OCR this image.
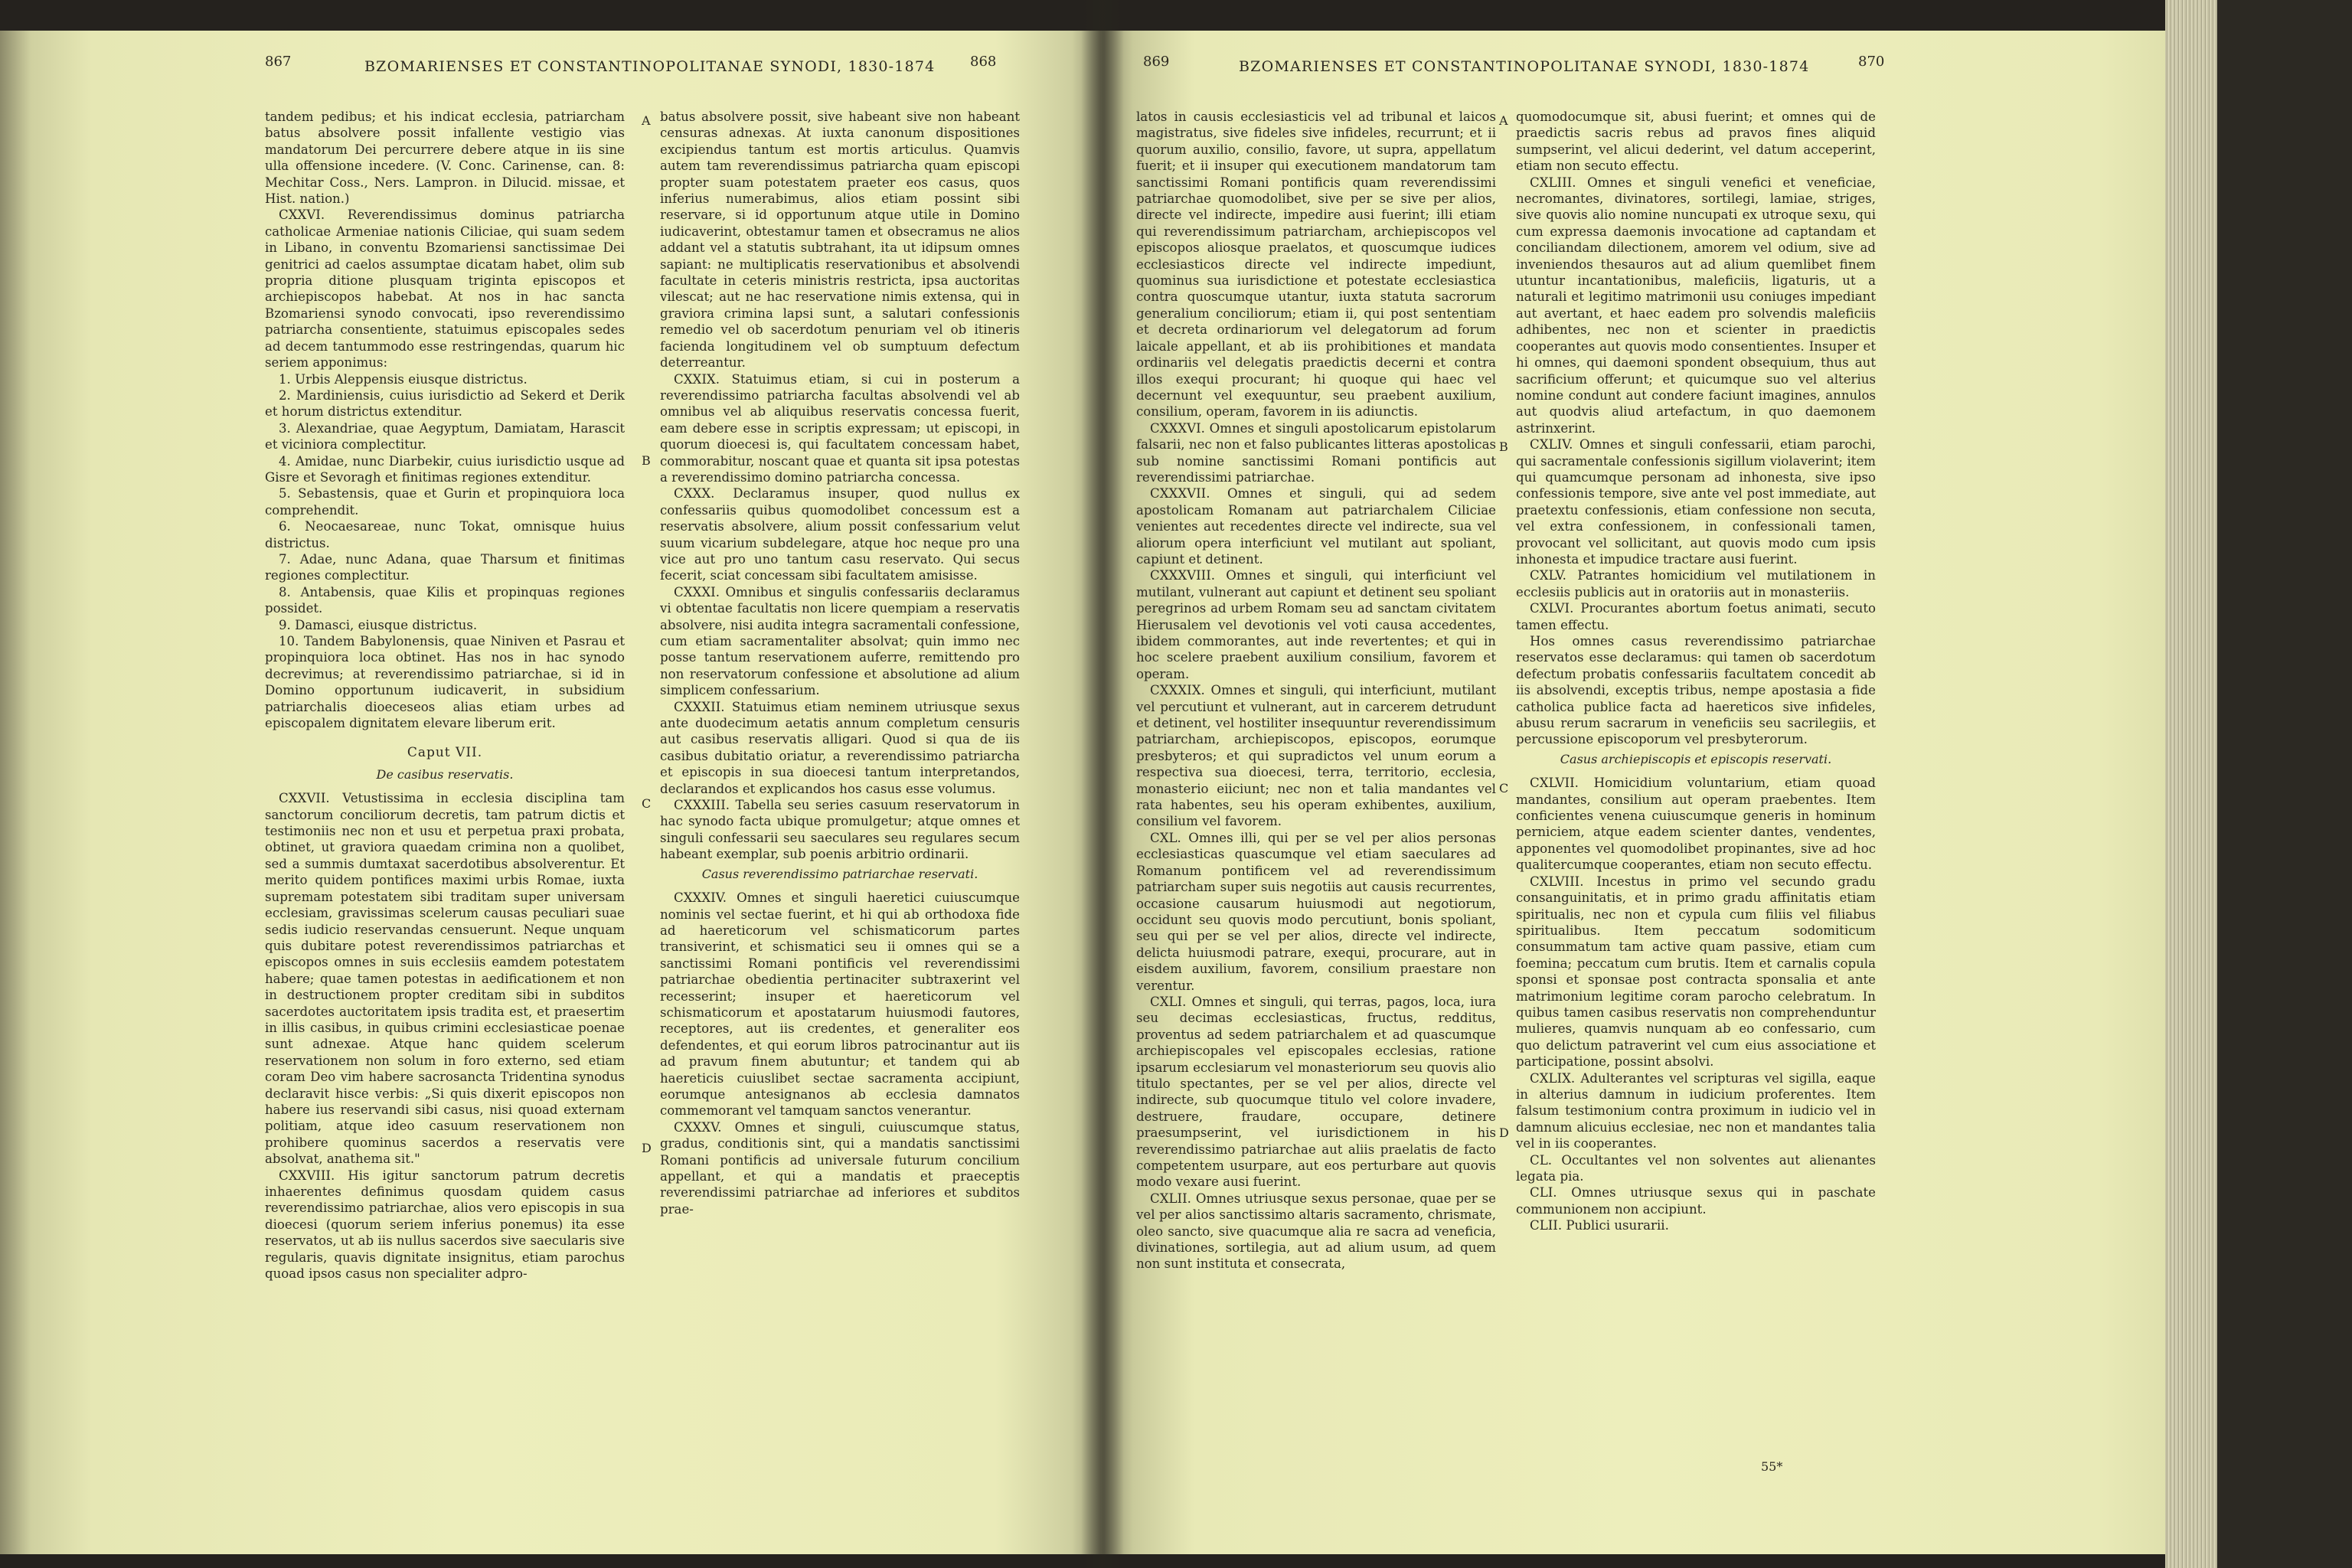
867	BZOMARIENSES ET CONSTANTINOPOLITANAE SYNODI, 1830-1874	868

tandem pedibus; et his indicat ecclesia, patriarcham batus absolvere possit infallente vestigio vias mandatorum Dei percurrere debere atque in iis sine ulla offensione incedere. (V. Conc. Carinense, can. 8: Mechitar Coss., Ners. Lampron. in Dilucid. missae, et Hist. nation.)

CXXVI. Reverendissimus dominus patriarcha catholicae Armeniae nationis Ciliciae, qui suam sedem in Libano, in conventu Bzomariensi sanctissimae Dei genitrici ad caelos assumptae dicatam habet, olim sub propria ditione plusquam triginta episcopos et archiepiscopos habebat. At nos in hac sancta Bzomariensi synodo convocati, ipso reverendissimo patriarcha consentiente, statuimus episcopales sedes ad decem tantummodo esse restringendas, quarum hic seriem apponimus:

1. Urbis Aleppensis eiusque districtus.

2. Mardiniensis, cuius iurisdictio ad Sekerd et Derik et horum districtus extenditur.

3. Alexandriae, quae Aegyptum, Damiatam, Harascit et viciniora complectitur.

4. Amidae, nunc Diarbekir, cuius iurisdictio usque ad Gisre et Sevoragh et finitimas regiones extenditur.

5. Sebastensis, quae et Gurin et propinquiora loca comprehendit.

6. Neocaesareae, nunc Tokat, omnisque huius districtus.

7. Adae, nunc Adana, quae Tharsum et finitimas regiones complectitur.

8. Antabensis, quae Kilis et propinquas regiones possidet.

9. Damasci, eiusque districtus.

10. Tandem Babylonensis, quae Niniven et Pasrau et propinquiora loca obtinet. Has nos in hac synodo decrevimus; at reverendissimo patriarchae, si id in Domino opportunum iudicaverit, in subsidium patriarchalis dioeceseos alias etiam urbes ad episcopalem dignitatem elevare liberum erit.

Caput VII.
De casibus reservatis.

CXXVII. Vetustissima in ecclesia disciplina tam sanctorum conciliorum decretis, tam patrum dictis et testimoniis nec non et usu et perpetua praxi probata, obtinet, ut graviora quaedam crimina non a quolibet, sed a summis dumtaxat sacerdotibus absolverentur. Et merito quidem pontifices maximi urbis Romae, iuxta supremam potestatem sibi traditam super universam ecclesiam, gravissimas scelerum causas peculiari suae sedis iudicio reservandas censuerunt. Neque unquam quis dubitare potest reverendissimos patriarchas et episcopos omnes in suis ecclesiis eamdem potestatem habere; quae tamen potestas in aedificationem et non in destructionem propter creditam sibi in subditos sacerdotes auctoritatem ipsis tradita est, et praesertim in illis casibus, in quibus crimini ecclesiasticae poenae sunt adnexae. Atque hanc quidem scelerum reservationem non solum in foro externo, sed etiam coram Deo vim habere sacrosancta Tridentina synodus declaravit hisce verbis: „Si quis dixerit episcopos non habere ius reservandi sibi casus, nisi quoad externam politiam, atque ideo casuum reservationem non prohibere quominus sacerdos a reservatis vere absolvat, anathema sit."

CXXVIII. His igitur sanctorum patrum decretis inhaerentes definimus quosdam quidem casus reverendissimo patriarchae, alios vero episcopis in sua dioecesi (quorum seriem inferius ponemus) ita esse reservatos, ut ab iis nullus sacerdos sive saecularis sive regularis, quavis dignitate insignitus, etiam parochus quoad ipsos casus non specialiter adpro-

batus absolvere possit, sive habeant sive non habeant censuras adnexas. At iuxta canonum dispositiones excipiendus tantum est mortis articulus. Quamvis autem tam reverendissimus patriarcha quam episcopi propter suam potestatem praeter eos casus, quos inferius numerabimus, alios etiam possint sibi reservare, si id opportunum atque utile in Domino iudicaverint, obtestamur tamen et obsecramus ne alios addant vel a statutis subtrahant, ita ut idipsum omnes sapiant: ne multiplicatis reservationibus et absolvendi facultate in ceteris ministris restricta, ipsa auctoritas vilescat; aut ne hac reservatione nimis extensa, qui in graviora crimina lapsi sunt, a salutari confessionis remedio vel ob sacerdotum penuriam vel ob itineris facienda longitudinem vel ob sumptuum defectum deterreantur.

CXXIX. Statuimus etiam, si cui in posterum a reverendissimo patriarcha facultas absolvendi vel ab omnibus vel ab aliquibus reservatis concessa fuerit, eam debere esse in scriptis expressam; ut episcopi, in quorum dioecesi is, qui facultatem concessam habet, commorabitur, noscant quae et quanta sit ipsa potestas a reverendissimo domino patriarcha concessa.

CXXX. Declaramus insuper, quod nullus ex confessariis quibus quomodolibet concessum est a reservatis absolvere, alium possit confessarium velut suum vicarium subdelegare, atque hoc neque pro una vice aut pro uno tantum casu reservato. Qui secus fecerit, sciat concessam sibi facultatem amisisse.

CXXXI. Omnibus et singulis confessariis declaramus vi obtentae facultatis non licere quempiam a reservatis absolvere, nisi audita integra sacramentali confessione, cum etiam sacramentaliter absolvat; quin immo nec posse tantum reservationem auferre, remittendo pro non reservatorum confessione et absolutione ad alium simplicem confessarium.

CXXXII. Statuimus etiam neminem utriusque sexus ante duodecimum aetatis annum completum censuris aut casibus reservatis alligari. Quod si qua de iis casibus dubitatio oriatur, a reverendissimo patriarcha et episcopis in sua dioecesi tantum interpretandos, declarandos et explicandos hos casus esse volumus.

CXXXIII. Tabella seu series casuum reservatorum in hac synodo facta ubique promulgetur; atque omnes et singuli confessarii seu saeculares seu regulares secum habeant exemplar, sub poenis arbitrio ordinarii.

Casus reverendissimo patriarchae reservati.

CXXXIV. Omnes et singuli haeretici cuiuscumque nominis vel sectae fuerint, et hi qui ab orthodoxa fide ad haereticorum vel schismaticorum partes transiverint, et schismatici seu ii omnes qui se a sanctissimi Romani pontificis vel reverendissimi patriarchae obedientia pertinaciter subtraxerint vel recesserint; insuper et haereticorum vel schismaticorum et apostatarum huiusmodi fautores, receptores, aut iis credentes, et generaliter eos defendentes, et qui eorum libros patrocinantur aut iis ad pravum finem abutuntur; et tandem qui ab haereticis cuiuslibet sectae sacramenta accipiunt, eorumque antesignanos ab ecclesia damnatos commemorant vel tamquam sanctos venerantur.

CXXXV. Omnes et singuli, cuiuscumque status, gradus, conditionis sint, qui a mandatis sanctissimi Romani pontificis ad universale futurum concilium appellant, et qui a mandatis et praeceptis reverendissimi patriarchae ad inferiores et subditos prae-

A
B
C
D
869	BZOMARIENSES ET CONSTANTINOPOLITANAE SYNODI, 1830-1874	870

latos in causis ecclesiasticis vel ad tribunal et laicos magistratus, sive fideles sive infideles, recurrunt; et ii quorum auxilio, consilio, favore, ut supra, appellatum fuerit; et ii insuper qui executionem mandatorum tam sanctissimi Romani pontificis quam reverendissimi patriarchae quomodolibet, sive per se sive per alios, directe vel indirecte, impedire ausi fuerint; illi etiam qui reverendissimum patriarcham, archiepiscopos vel episcopos aliosque praelatos, et quoscumque iudices ecclesiasticos directe vel indirecte impediunt, quominus sua iurisdictione et potestate ecclesiastica contra quoscumque utantur, iuxta statuta sacrorum generalium conciliorum; etiam ii, qui post sententiam et decreta ordinariorum vel delegatorum ad forum laicale appellant, et ab iis prohibitiones et mandata ordinariis vel delegatis praedictis decerni et contra illos exequi procurant; hi quoque qui haec vel decernunt vel exequuntur, seu praebent auxilium, consilium, operam, favorem in iis adiunctis.

CXXXVI. Omnes et singuli apostolicarum epistolarum falsarii, nec non et falso publicantes litteras apostolicas sub nomine sanctissimi Romani pontificis aut reverendissimi patriarchae.

CXXXVII. Omnes et singuli, qui ad sedem apostolicam Romanam aut patriarchalem Ciliciae venientes aut recedentes directe vel indirecte, sua vel aliorum opera interficiunt vel mutilant aut spoliant, capiunt et detinent.

CXXXVIII. Omnes et singuli, qui interficiunt vel mutilant, vulnerant aut capiunt et detinent seu spoliant peregrinos ad urbem Romam seu ad sanctam civitatem Hierusalem vel devotionis vel voti causa accedentes, ibidem commorantes, aut inde revertentes; et qui in hoc scelere praebent auxilium consilium, favorem et operam.

CXXXIX. Omnes et singuli, qui interficiunt, mutilant vel percutiunt et vulnerant, aut in carcerem detrudunt et detinent, vel hostiliter insequuntur reverendissimum patriarcham, archiepiscopos, episcopos, eorumque presbyteros; et qui supradictos vel unum eorum a respectiva sua dioecesi, terra, territorio, ecclesia, monasterio eiiciunt; nec non et talia mandantes vel rata habentes, seu his operam exhibentes, auxilium, consilium vel favorem.

CXL. Omnes illi, qui per se vel per alios personas ecclesiasticas quascumque vel etiam saeculares ad Romanum pontificem vel ad reverendissimum patriarcham super suis negotiis aut causis recurrentes, occasione causarum huiusmodi aut negotiorum, occidunt seu quovis modo percutiunt, bonis spoliant, seu qui per se vel per alios, directe vel indirecte, delicta huiusmodi patrare, exequi, procurare, aut in eisdem auxilium, favorem, consilium praestare non verentur.

CXLI. Omnes et singuli, qui terras, pagos, loca, iura seu decimas ecclesiasticas, fructus, redditus, proventus ad sedem patriarchalem et ad quascumque archiepiscopales vel episcopales ecclesias, ratione ipsarum ecclesiarum vel monasteriorum seu quovis alio titulo spectantes, per se vel per alios, directe vel indirecte, sub quocumque titulo vel colore invadere, destruere, fraudare, occupare, detinere praesumpserint, vel iurisdictionem in his reverendissimo patriarchae aut aliis praelatis de facto competentem usurpare, aut eos perturbare aut quovis modo vexare ausi fuerint.

CXLII. Omnes utriusque sexus personae, quae per se vel per alios sanctissimo altaris sacramento, chrismate, oleo sancto, sive quacumque alia re sacra ad veneficia, divinationes, sortilegia, aut ad alium usum, ad quem non sunt instituta et consecrata,

quomodocumque sit, abusi fuerint; et omnes qui de praedictis sacris rebus ad pravos fines aliquid sumpserint, vel alicui dederint, vel datum acceperint, etiam non secuto effectu.

CXLIII. Omnes et singuli venefici et veneficiae, necromantes, divinatores, sortilegi, lamiae, striges, sive quovis alio nomine nuncupati ex utroque sexu, qui cum expressa daemonis invocatione ad captandam et conciliandam dilectionem, amorem vel odium, sive ad inveniendos thesauros aut ad alium quemlibet finem utuntur incantationibus, maleficiis, ligaturis, ut a naturali et legitimo matrimonii usu coniuges impediant aut avertant, et haec eadem pro solvendis maleficiis adhibentes, nec non et scienter in praedictis cooperantes aut quovis modo consentientes. Insuper et hi omnes, qui daemoni spondent obsequium, thus aut sacrificium offerunt; et quicumque suo vel alterius nomine condunt aut condere faciunt imagines, annulos aut quodvis aliud artefactum, in quo daemonem astrinxerint.

CXLIV. Omnes et singuli confessarii, etiam parochi, qui sacramentale confessionis sigillum violaverint; item qui quamcumque personam ad inhonesta, sive ipso confessionis tempore, sive ante vel post immediate, aut praetextu confessionis, etiam confessione non secuta, vel extra confessionem, in confessionali tamen, provocant vel sollicitant, aut quovis modo cum ipsis inhonesta et impudice tractare ausi fuerint.

CXLV. Patrantes homicidium vel mutilationem in ecclesiis publicis aut in oratoriis aut in monasteriis.

CXLVI. Procurantes abortum foetus animati, secuto tamen effectu.

Hos omnes casus reverendissimo patriarchae reservatos esse declaramus: qui tamen ob sacerdotum defectum probatis confessariis facultatem concedit ab iis absolvendi, exceptis tribus, nempe apostasia a fide catholica publice facta ad haereticos sive infideles, abusu rerum sacrarum in veneficiis seu sacrilegiis, et percussione episcoporum vel presbyterorum.

Casus archiepiscopis et episcopis reservati.

CXLVII. Homicidium voluntarium, etiam quoad mandantes, consilium aut operam praebentes. Item conficientes venena cuiuscumque generis in hominum perniciem, atque eadem scienter dantes, vendentes, apponentes vel quomodolibet propinantes, sive ad hoc qualitercumque cooperantes, etiam non secuto effectu.

CXLVIII. Incestus in primo vel secundo gradu consanguinitatis, et in primo gradu affinitatis etiam spiritualis, nec non et cypula cum filiis vel filiabus spiritualibus. Item peccatum sodomiticum consummatum tam active quam passive, etiam cum foemina; peccatum cum brutis. Item et carnalis copula sponsi et sponsae post contracta sponsalia et ante matrimonium legitime coram parocho celebratum. In quibus tamen casibus reservatis non comprehenduntur mulieres, quamvis nunquam ab eo confessario, cum quo delictum patraverint vel cum eius associatione et participatione, possint absolvi.

CXLIX. Adulterantes vel scripturas vel sigilla, eaque in alterius damnum in iudicium proferentes. Item falsum testimonium contra proximum in iudicio vel in damnum alicuius ecclesiae, nec non et mandantes talia vel in iis cooperantes.

CL. Occultantes vel non solventes aut alienantes legata pia.

CLI. Omnes utriusque sexus qui in paschate communionem non accipiunt.

CLII. Publici usurarii.

A
B
C
D
55*
